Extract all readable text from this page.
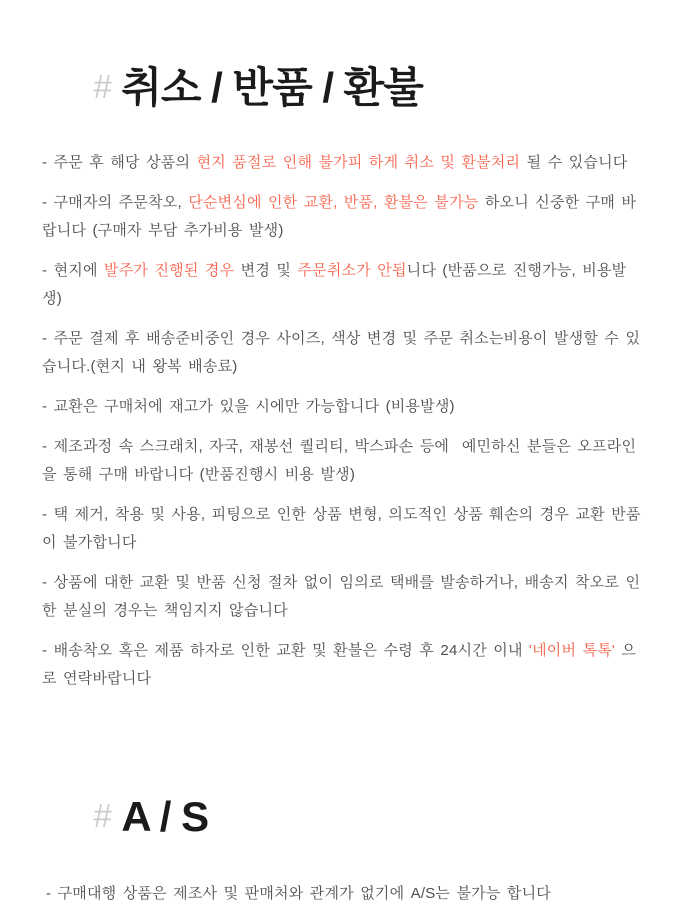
# 취소 / 반품 / 환불

- 주문 후 해당 상품의 현지 품절로 인해 불가피 하게 취소 및 환불처리 될 수 있습니다

- 구매자의 주문착오, 단순변심에 인한 교환, 반품, 환불은 불가능 하오니 신중한 구매 바랍니다 (구매자 부담 추가비용 발생)

- 현지에 발주가 진행된 경우 변경 및 주문취소가 안됩니다 (반품으로 진행가능, 비용발생)

- 주문 결제 후 배송준비중인 경우 사이즈, 색상 변경 및 주문 취소는비용이 발생할 수 있습니다.(현지 내 왕복 배송료)

- 교환은 구매처에 재고가 있을 시에만 가능합니다 (비용발생)

- 제조과정 속 스크래치, 자국, 재봉선 퀄리티, 박스파손 등에  예민하신 분들은 오프라인을 통해 구매 바랍니다 (반품진행시 비용 발생)

- 택 제거, 착용 및 사용, 피팅으로 인한 상품 변형, 의도적인 상품 훼손의 경우 교환 반품이 불가합니다

- 상품에 대한 교환 및 반품 신청 절차 없이 임의로 택배를 발송하거나, 배송지 착오로 인한 분실의 경우는 책임지지 않습니다

- 배송착오 혹은 제품 하자로 인한 교환 및 환불은 수령 후 24시간 이내 '네이버 톡톡' 으로 연락바랍니다

# A / S

- 구매대행 상품은 제조사 및 판매처와 관계가 없기에 A/S는 불가능 합니다
